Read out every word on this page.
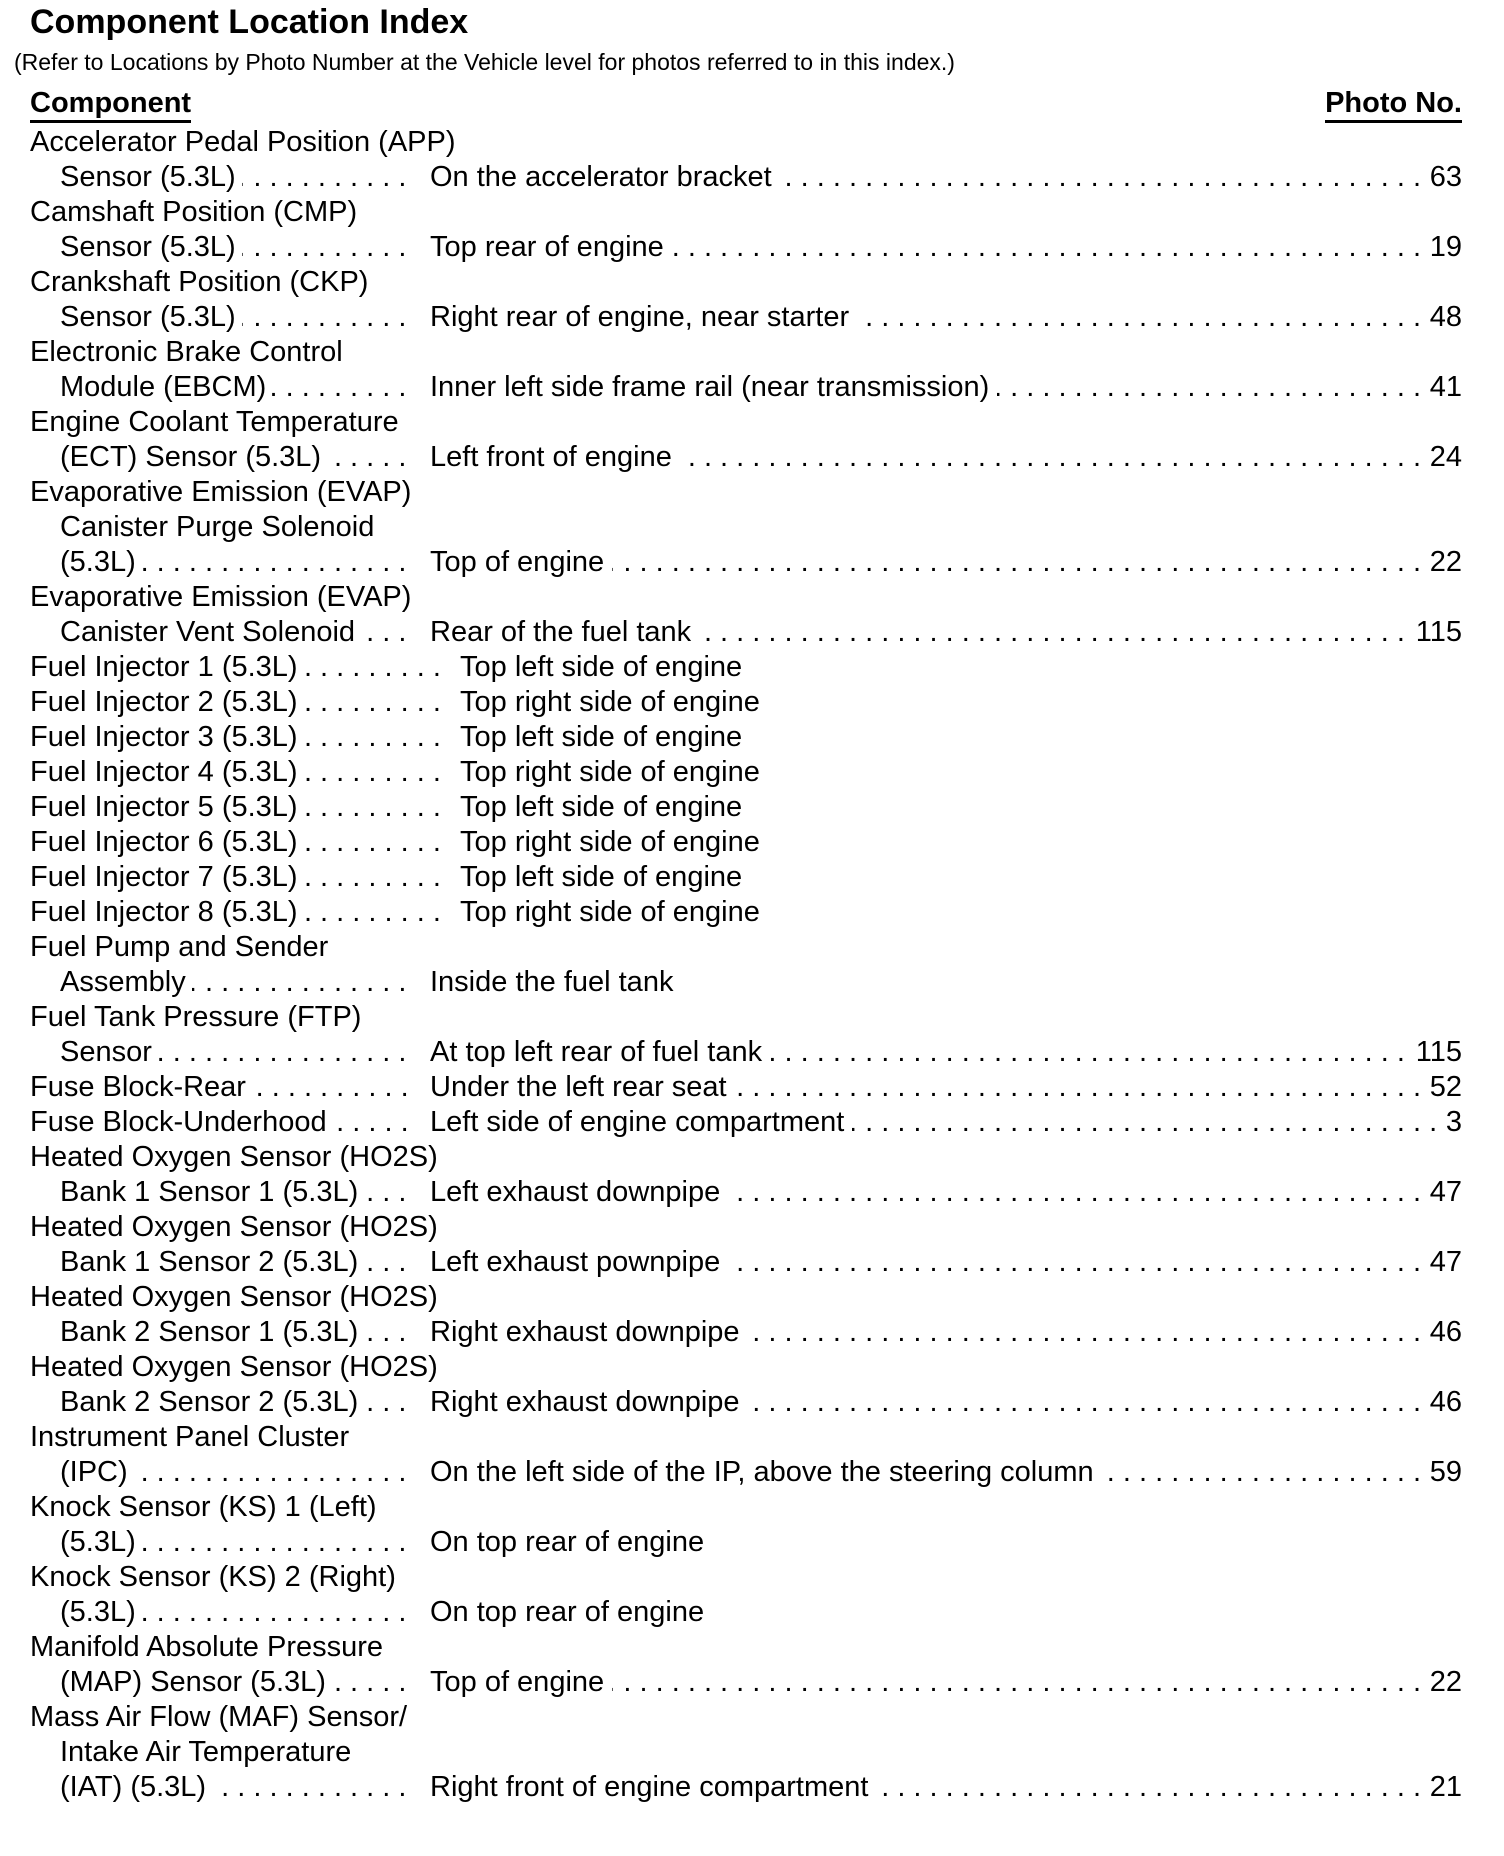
Component Location Index
(Refer to Locations by Photo Number at the Vehicle level for photos referred to in this index.)
Component	Photo No.
Accelerator Pedal Position (APP)
Sensor (5.3L) . . .	On the accelerator bracket . . .	63
Camshaft Position (CMP)
Sensor (5.3L) . . .	Top rear of engine . . .	19
Crankshaft Position (CKP)
Sensor (5.3L) . . .	Right rear of engine, near starter . . .	48
Electronic Brake Control
Module (EBCM) . . .	Inner left side frame rail (near transmission) . . .	41
Engine Coolant Temperature
(ECT) Sensor (5.3L) . . .	Left front of engine . . .	24
Evaporative Emission (EVAP)
Canister Purge Solenoid
(5.3L) . . .	Top of engine . . .	22
Evaporative Emission (EVAP)
Canister Vent Solenoid . . .	Rear of the fuel tank . . .	115
Fuel Injector 1 (5.3L) . . .	Top left side of engine
Fuel Injector 2 (5.3L) . . .	Top right side of engine
Fuel Injector 3 (5.3L) . . .	Top left side of engine
Fuel Injector 4 (5.3L) . . .	Top right side of engine
Fuel Injector 5 (5.3L) . . .	Top left side of engine
Fuel Injector 6 (5.3L) . . .	Top right side of engine
Fuel Injector 7 (5.3L) . . .	Top left side of engine
Fuel Injector 8 (5.3L) . . .	Top right side of engine
Fuel Pump and Sender
Assembly . . .	Inside the fuel tank
Fuel Tank Pressure (FTP)
Sensor . . .	At top left rear of fuel tank . . .	115
Fuse Block-Rear . . .	Under the left rear seat . . .	52
Fuse Block-Underhood . . .	Left side of engine compartment . . .	3
Heated Oxygen Sensor (HO2S)
Bank 1 Sensor 1 (5.3L) . . .	Left exhaust downpipe . . .	47
Heated Oxygen Sensor (HO2S)
Bank 1 Sensor 2 (5.3L) . . .	Left exhaust pownpipe . . .	47
Heated Oxygen Sensor (HO2S)
Bank 2 Sensor 1 (5.3L) . . .	Right exhaust downpipe . . .	46
Heated Oxygen Sensor (HO2S)
Bank 2 Sensor 2 (5.3L) . . .	Right exhaust downpipe . . .	46
Instrument Panel Cluster
(IPC) . . .	On the left side of the IP, above the steering column . . .	59
Knock Sensor (KS) 1 (Left)
(5.3L) . . .	On top rear of engine
Knock Sensor (KS) 2 (Right)
(5.3L) . . .	On top rear of engine
Manifold Absolute Pressure
(MAP) Sensor (5.3L) . . .	Top of engine . . .	22
Mass Air Flow (MAF) Sensor/
Intake Air Temperature
(IAT) (5.3L) . . .	Right front of engine compartment . . .	21
